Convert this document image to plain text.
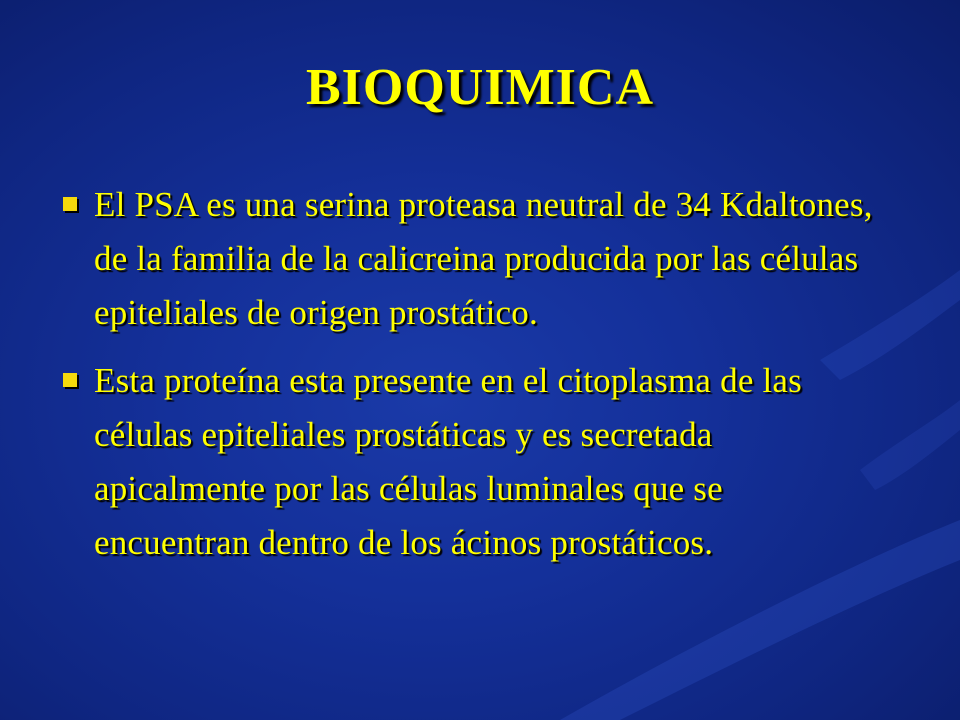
BIOQUIMICA
El PSA es una serina proteasa neutral de 34 Kdaltones, de la familia de la calicreina producida por las células epiteliales de origen prostático.
Esta proteína esta presente en el citoplasma de las células epiteliales prostáticas y es secretada apicalmente por las células luminales que se encuentran dentro de los ácinos prostáticos.
